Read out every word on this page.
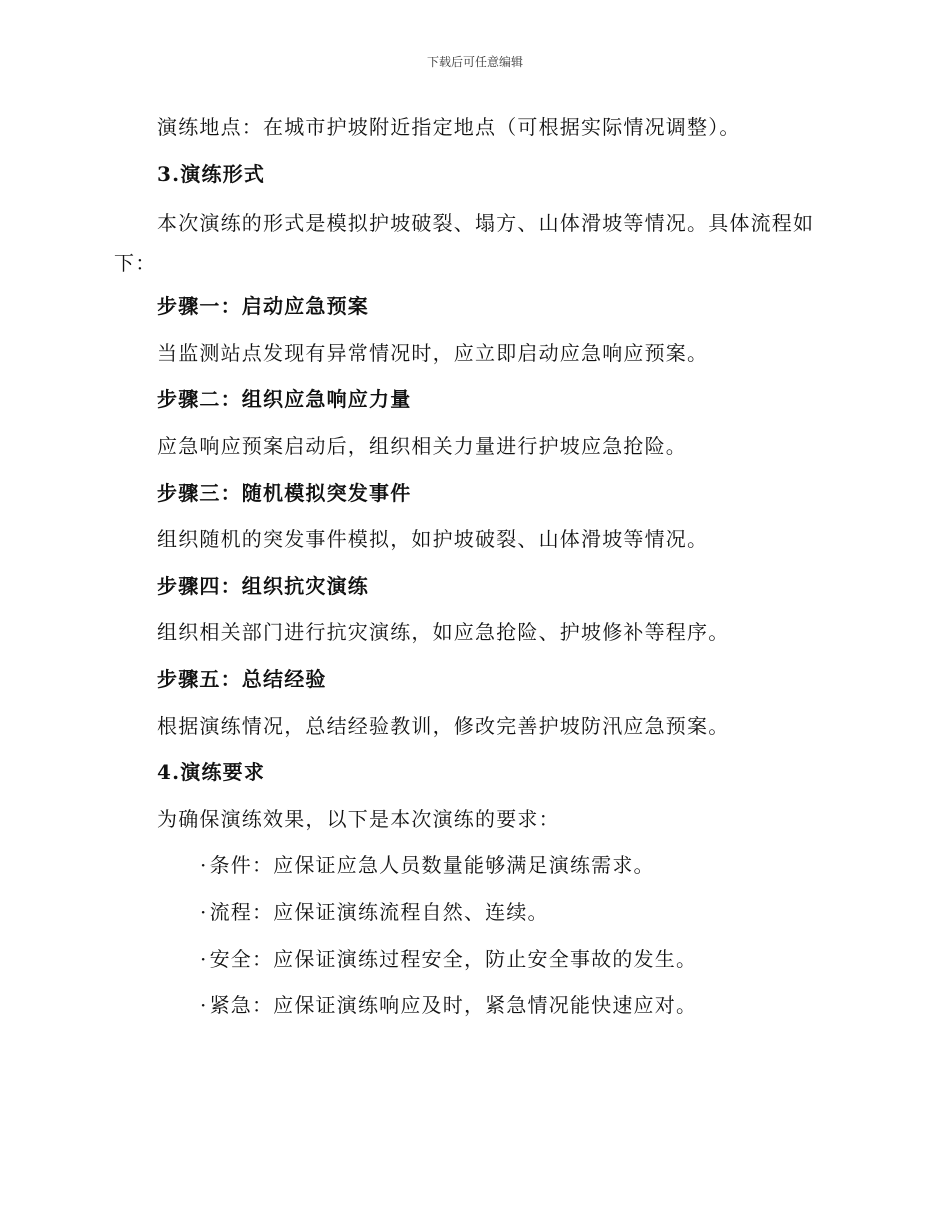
下载后可任意编辑

演练地点：在城市护坡附近指定地点（可根据实际情况调整）。

3.演练形式

本次演练的形式是模拟护坡破裂、塌方、山体滑坡等情况。具体流程如下：

步骤一：启动应急预案

当监测站点发现有异常情况时，应立即启动应急响应预案。

步骤二：组织应急响应力量

应急响应预案启动后，组织相关力量进行护坡应急抢险。

步骤三：随机模拟突发事件

组织随机的突发事件模拟，如护坡破裂、山体滑坡等情况。

步骤四：组织抗灾演练

组织相关部门进行抗灾演练，如应急抢险、护坡修补等程序。

步骤五：总结经验

根据演练情况，总结经验教训，修改完善护坡防汛应急预案。

4.演练要求

为确保演练效果，以下是本次演练的要求：

· 条件：应保证应急人员数量能够满足演练需求。

· 流程：应保证演练流程自然、连续。

· 安全：应保证演练过程安全，防止安全事故的发生。

· 紧急：应保证演练响应及时，紧急情况能快速应对。
